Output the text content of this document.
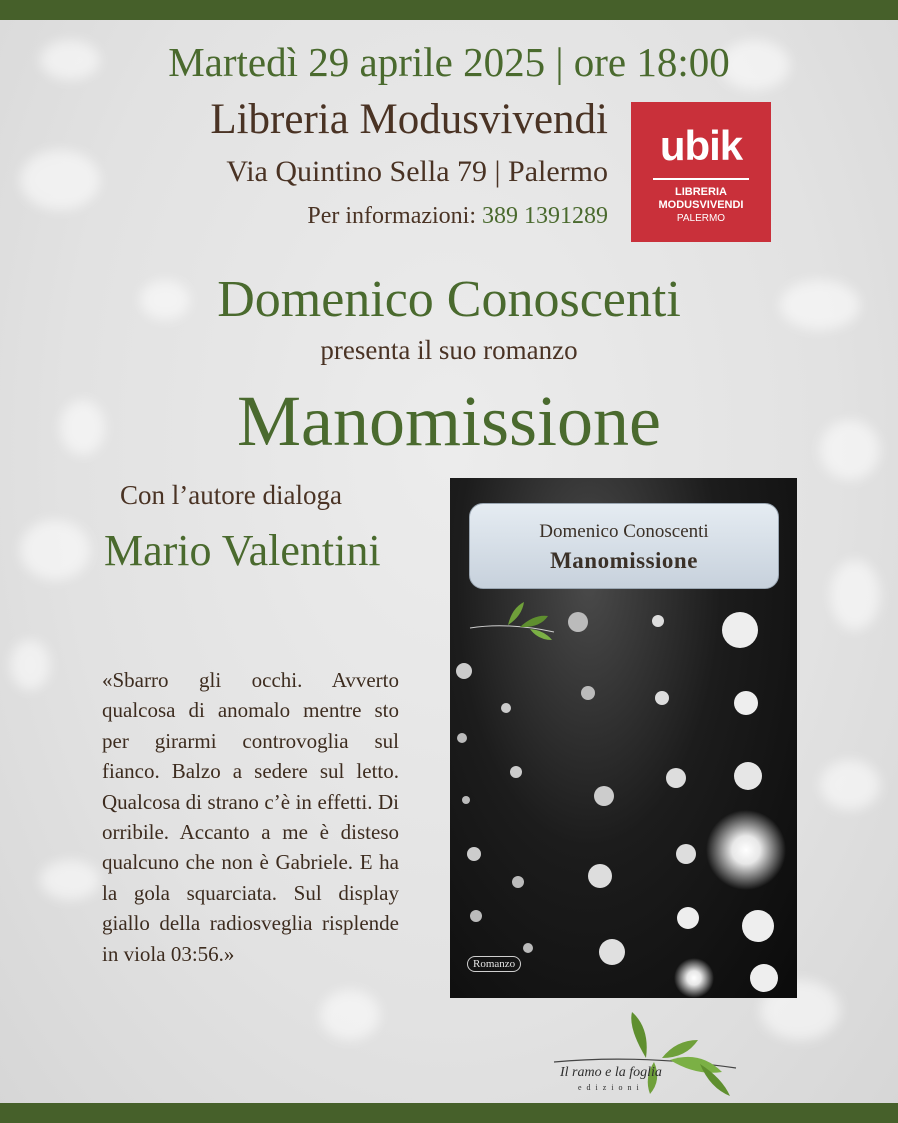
Martedì 29 aprile 2025 | ore 18:00
Libreria Modusvivendi
Via Quintino Sella 79 | Palermo
Per informazioni: 389 1391289
ubik
LIBRERIA
MODUSVIVENDI
PALERMO
Domenico Conoscenti
presenta il suo romanzo
Manomissione
Con l’autore dialoga
Mario Valentini
«Sbarro gli occhi. Avverto qualcosa di anomalo mentre sto per girarmi controvoglia sul fianco. Balzo a sedere sul letto. Qualcosa di strano c’è in effetti. Di orribile. Accanto a me è disteso qualcuno che non è Gabriele. E ha la gola squarciata. Sul display giallo della radiosveglia risplende in viola 03:56.»
Domenico Conoscenti
Manomissione
Romanzo
Il ramo e la foglia
edizioni
